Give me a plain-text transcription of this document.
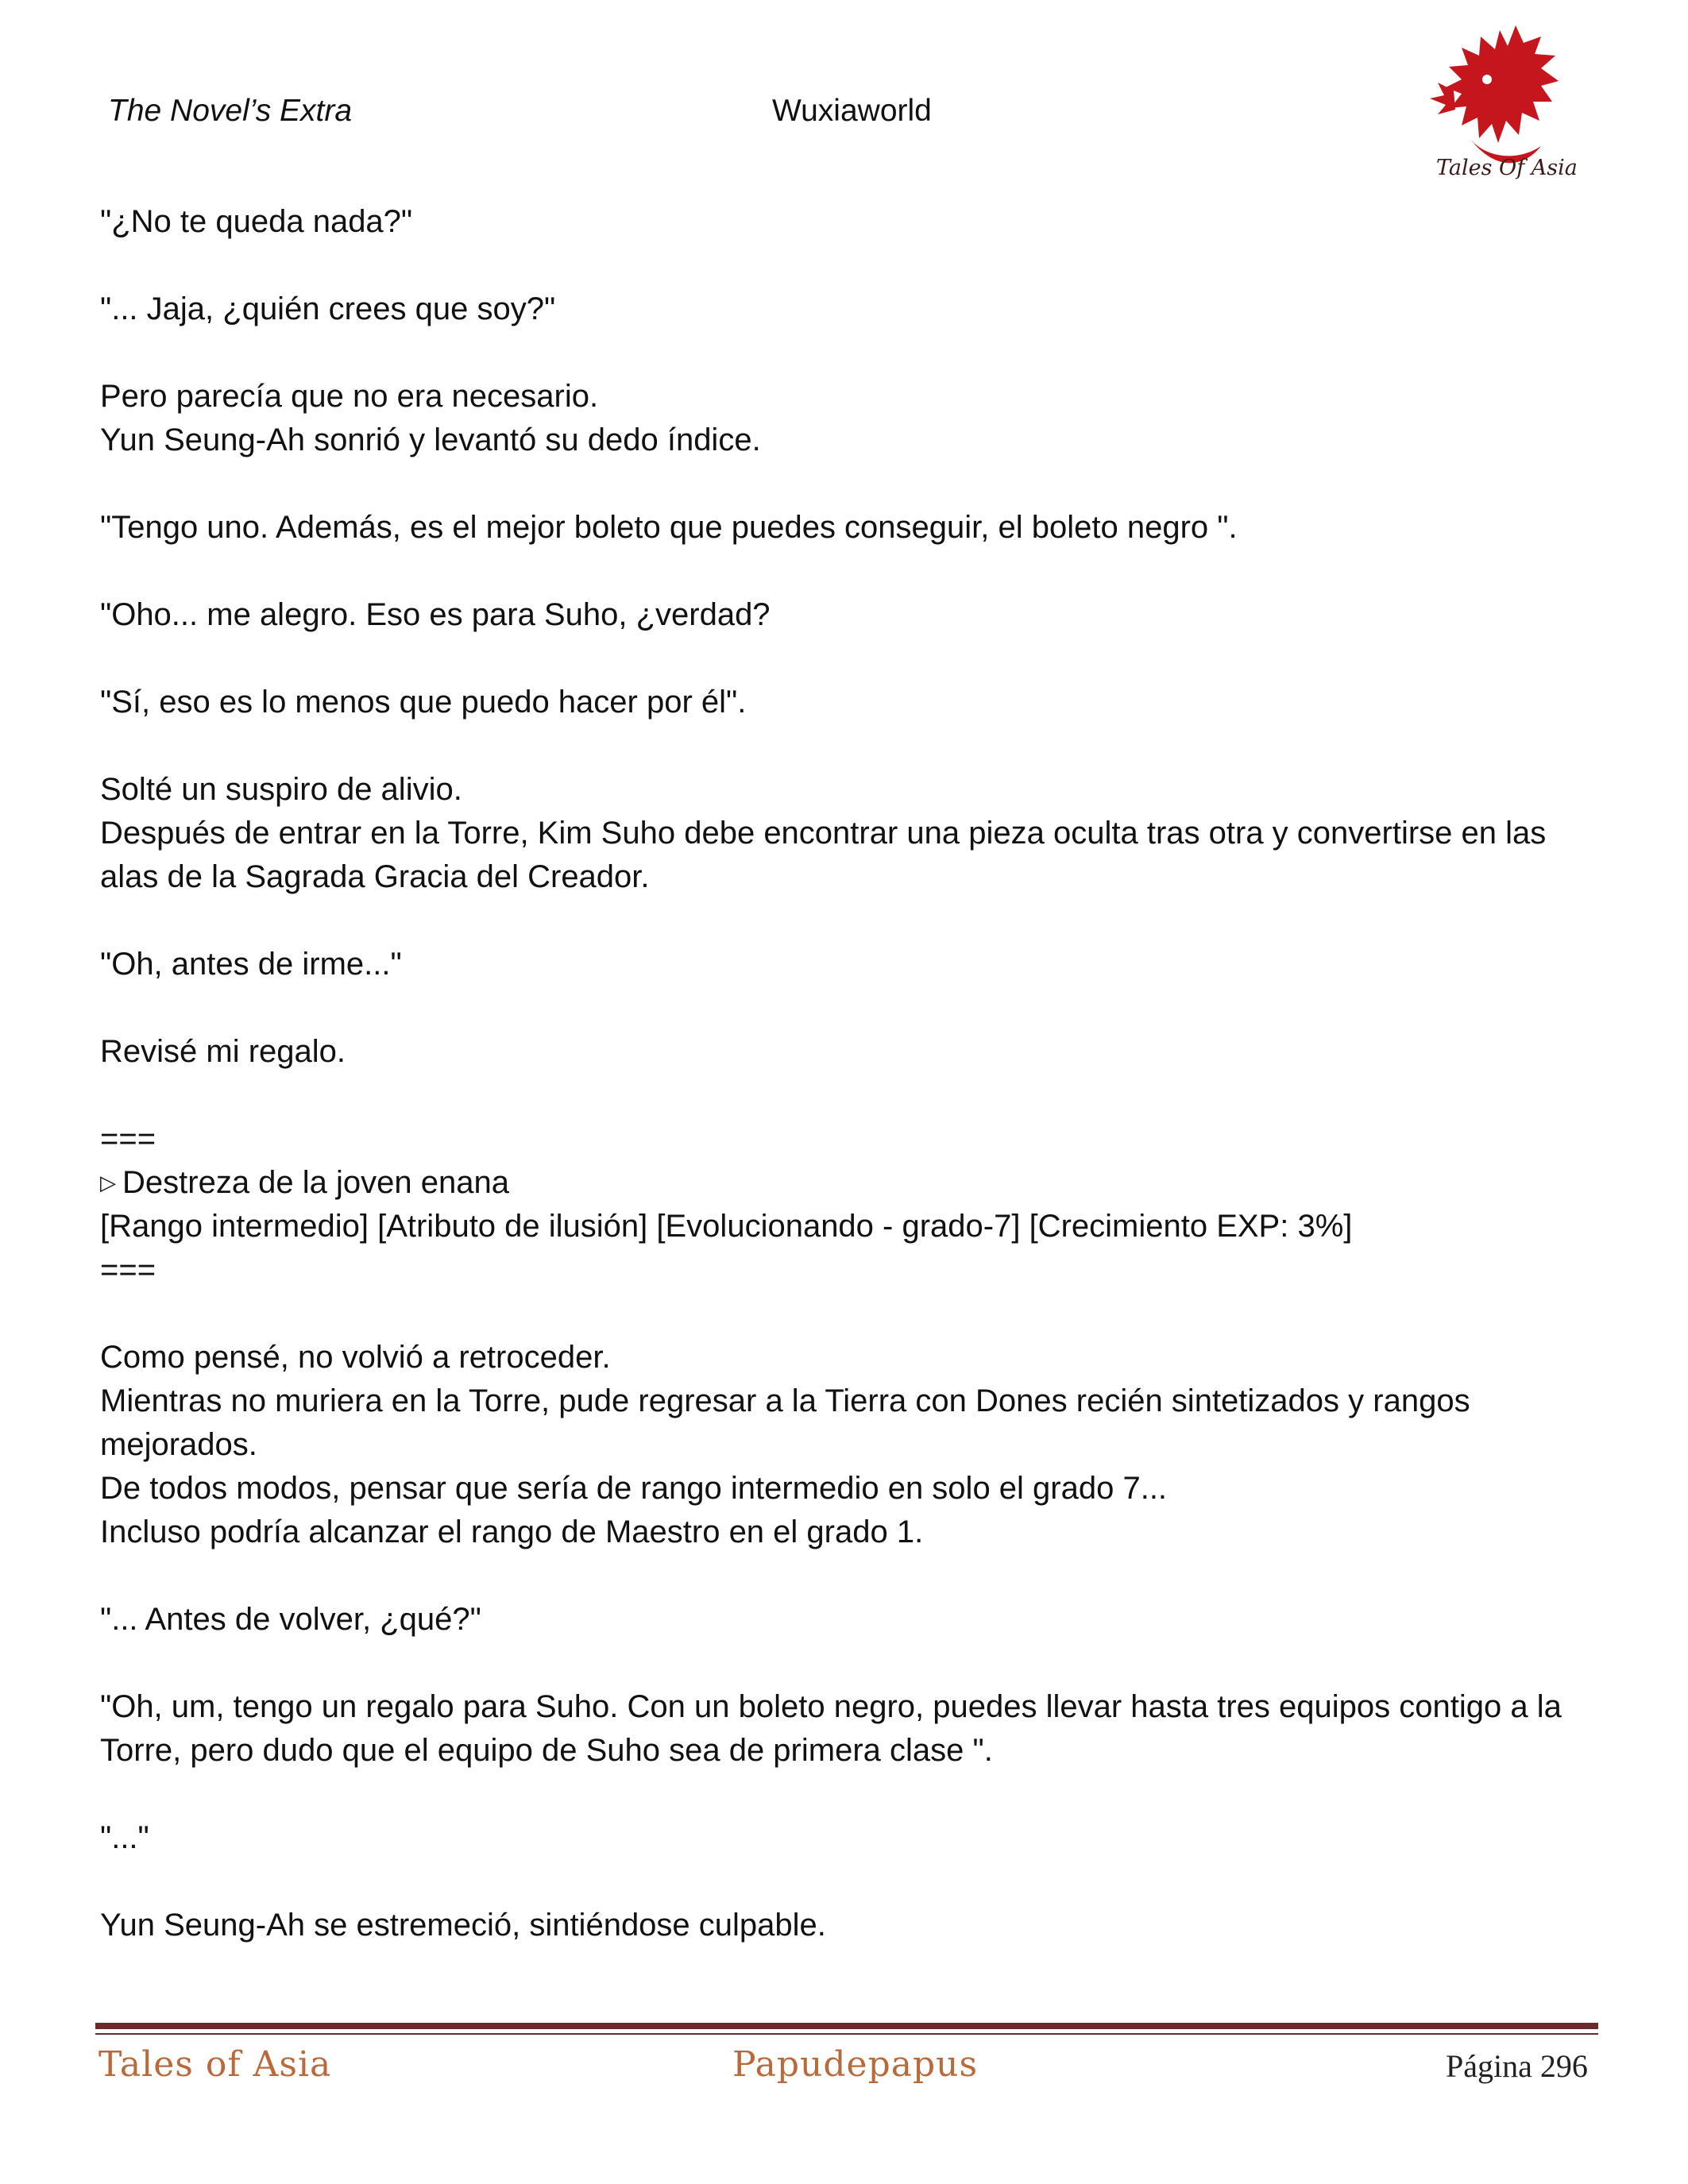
The Novel’s Extra	Wuxiaworld
Tales Of Asia

"¿No te queda nada?"

"... Jaja, ¿quién crees que soy?"

Pero parecía que no era necesario.
Yun Seung-Ah sonrió y levantó su dedo índice.

"Tengo uno. Además, es el mejor boleto que puedes conseguir, el boleto negro ".

"Oho... me alegro. Eso es para Suho, ¿verdad?

"Sí, eso es lo menos que puedo hacer por él".

Solté un suspiro de alivio.
Después de entrar en la Torre, Kim Suho debe encontrar una pieza oculta tras otra y convertirse en las alas de la Sagrada Gracia del Creador.

"Oh, antes de irme..."

Revisé mi regalo.

===
▷ Destreza de la joven enana
[Rango intermedio] [Atributo de ilusión] [Evolucionando - grado-7] [Crecimiento EXP: 3%]
===

Como pensé, no volvió a retroceder.
Mientras no muriera en la Torre, pude regresar a la Tierra con Dones recién sintetizados y rangos mejorados.
De todos modos, pensar que sería de rango intermedio en solo el grado 7...
Incluso podría alcanzar el rango de Maestro en el grado 1.

"... Antes de volver, ¿qué?"

"Oh, um, tengo un regalo para Suho. Con un boleto negro, puedes llevar hasta tres equipos contigo a la Torre, pero dudo que el equipo de Suho sea de primera clase ".

"..."

Yun Seung-Ah se estremeció, sintiéndose culpable.

Tales of Asia	Papudepapus	Página 296
